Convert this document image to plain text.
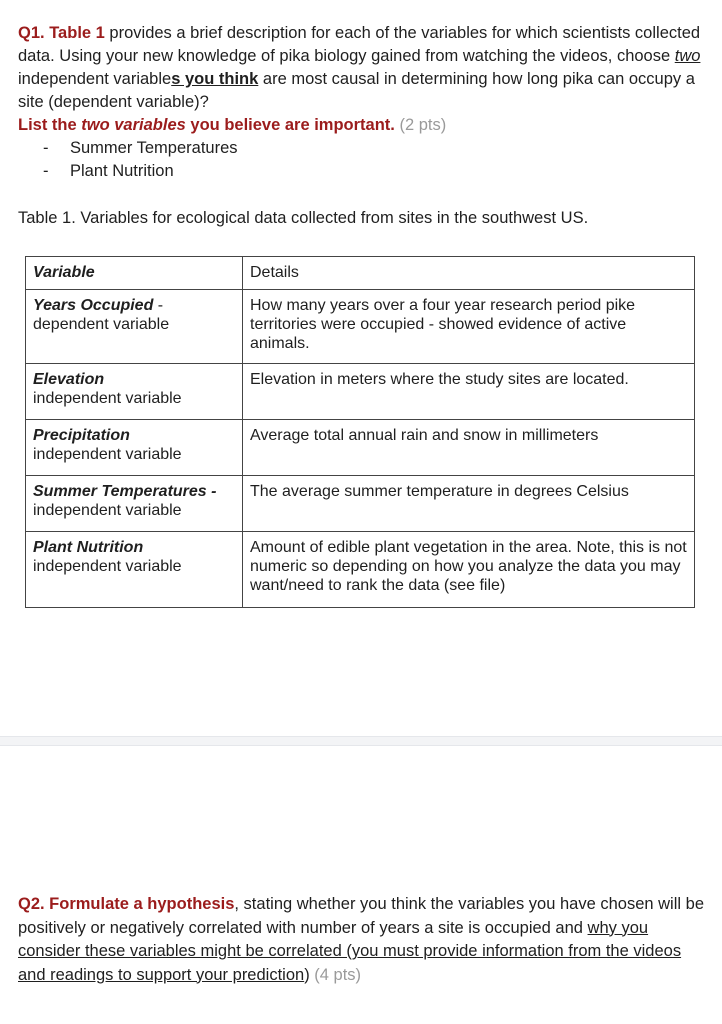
Q1. Table 1 provides a brief description for each of the variables for which scientists collected data. Using your new knowledge of pika biology gained from watching the videos, choose two independent variables you think are most causal in determining how long pika can occupy a site (dependent variable)?
List the two variables you believe are important. (2 pts)
- Summer Temperatures
- Plant Nutrition
Table 1. Variables for ecological data collected from sites in the southwest US.
Variable	Details
Years Occupied -
dependent variable	How many years over a four year research period pike territories were occupied - showed evidence of active animals.
Elevation
independent variable	Elevation in meters where the study sites are located.
Precipitation
independent variable	Average total annual rain and snow in millimeters
Summer Temperatures -
independent variable	The average summer temperature in degrees Celsius
Plant Nutrition
independent variable	Amount of edible plant vegetation in the area. Note, this is not numeric so depending on how you analyze the data you may want/need to rank the data (see file)
Q2. Formulate a hypothesis, stating whether you think the variables you have chosen will be positively or negatively correlated with number of years a site is occupied and why you consider these variables might be correlated (you must provide information from the videos and readings to support your prediction) (4 pts)
